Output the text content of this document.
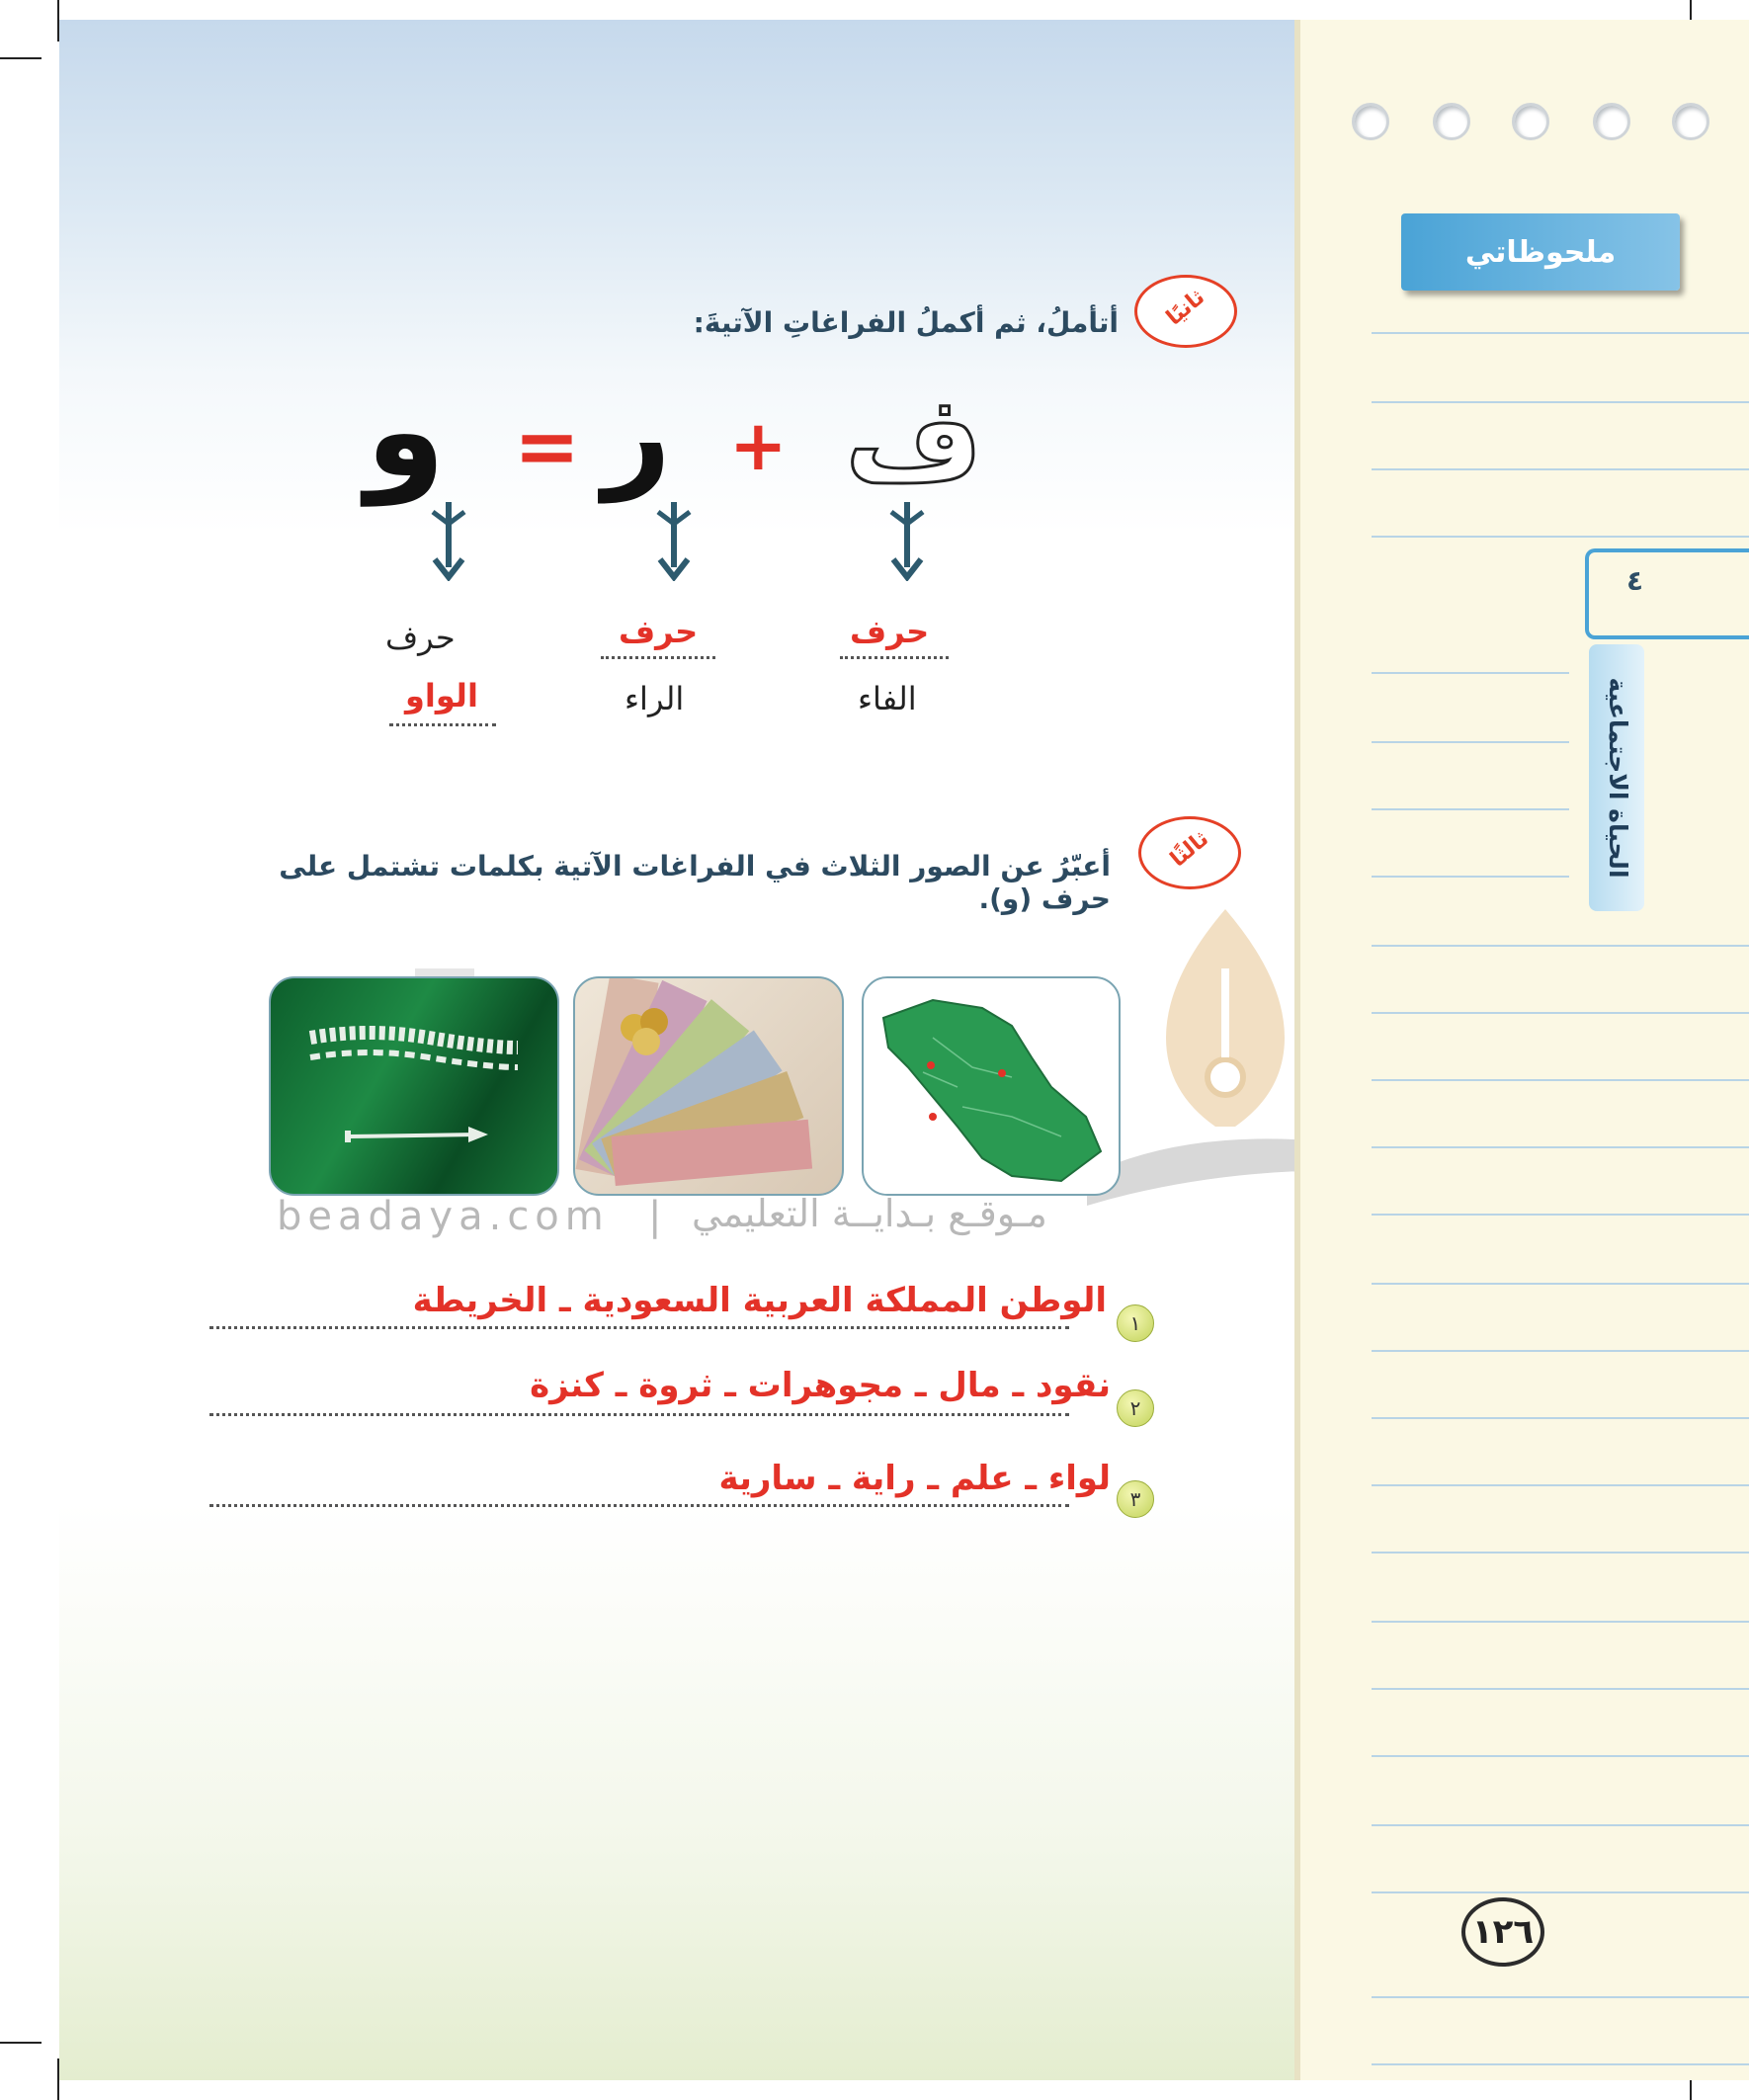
ثانيًا
أتأملُ، ثم أكملُ الفراغاتِ الآتيةَ:
ف
+
ر
=
و
حرف
الفاء
حرف
الراء
حرف
الواو
ثالثًا
أعبّرُ عن الصور الثلاث في الفراغات الآتية بكلمات تشتمل على حرف (و).
beadaya.com | مـوقـع بـدايــة التعليمي
١
الوطن المملكة العربية السعودية ـ الخريطة
٢
نقود ـ مال ـ مجوهرات ـ ثروة ـ كنزة
٣
لواء ـ علم ـ راية ـ سارية
ملحوظاتي
٤
الحياة الاجتماعية
١٢٦
